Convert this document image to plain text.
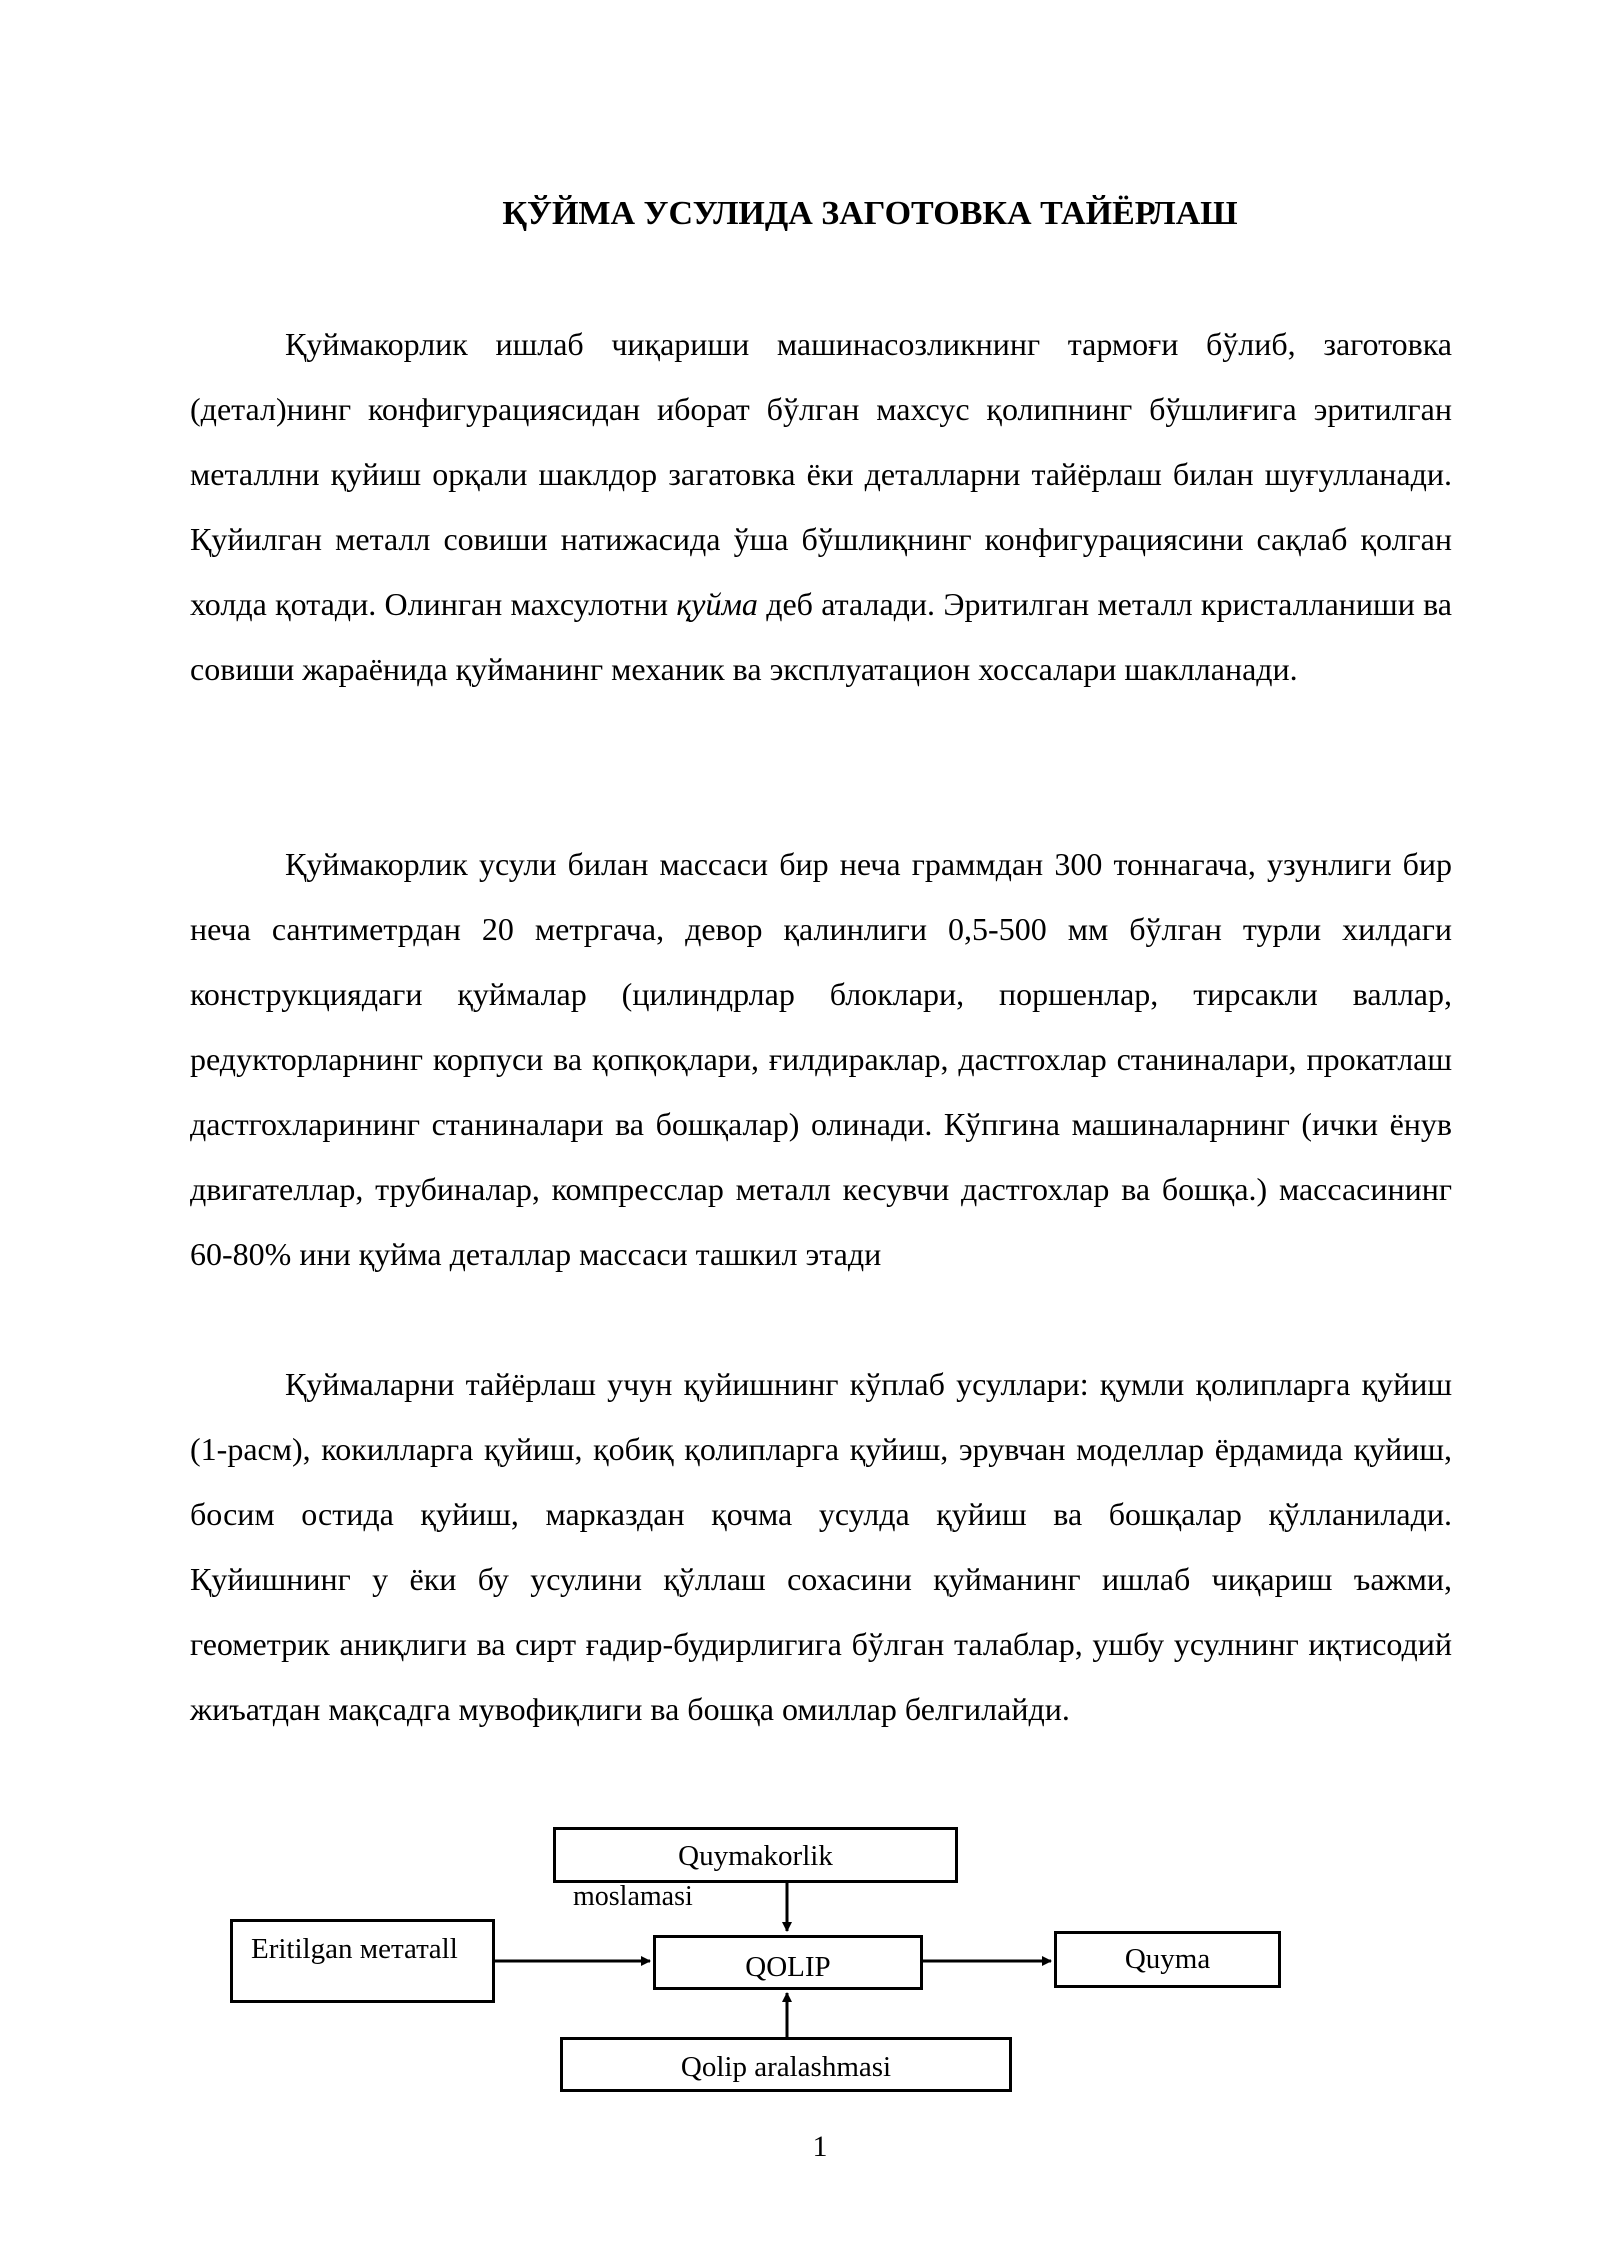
ҚЎЙМА УСУЛИДА ЗАГОТОВКА ТАЙЁРЛАШ

Қуймакорлик ишлаб чиқариши машинасозликнинг тармоғи бўлиб, заготовка (детал)нинг конфигурациясидан иборат бўлган махсус қолипнинг бўшлиғига эритилган металлни қуйиш орқали шаклдор загатовка ёки деталларни тайёрлаш билан шуғулланади. Қуйилган металл совиши натижасида ўша бўшлиқнинг конфигурациясини сақлаб қолган холда қотади. Олинган махсулотни қуйма деб аталади. Эритилган металл кристалланиши ва совиши жараёнида қуйманинг механик ва эксплуатацион хоссалари шаклланади.

Қуймакорлик усули билан массаси бир неча граммдан 300 тоннагача, узунлиги бир неча сантиметрдан 20 метргача, девор қалинлиги 0,5-500 мм бўлган турли хилдаги конструкциядаги қуймалар (цилиндрлар блоклари, поршенлар, тирсакли валлар, редукторларнинг корпуси ва қопқоқлари, ғилдираклар, дастгохлар станиналари, прокатлаш дастгохларининг станиналари ва бошқалар) олинади. Кўпгина машиналарнинг (ички ёнув двигателлар, трубиналар, компресслар металл кесувчи дастгохлар ва бошқа.) массасининг 60-80% ини қуйма деталлар массаси ташкил этади

Қуймаларни тайёрлаш учун қуйишнинг кўплаб усуллари: қумли қолипларга қуйиш (1-расм), кокилларга қуйиш, қобиқ қолипларга қуйиш, эрувчан моделлар ёрдамида қуйиш, босим остида қуйиш, марказдан қочма усулда қуйиш ва бошқалар қўлланилади. Қуйишнинг у ёки бу усулини қўллаш сохасини қуйманинг ишлаб чиқариш ъажми, геометрик аниқлиги ва сирт ғадир-будирлигига бўлган талаблар, ушбу усулнинг иқтисодий жиъатдан мақсадга мувофиқлиги ва бошқа омиллар белгилайди.

Quymakorlik
moslamasi
Eritilgan метатall
QOLIP	Quyma
Qolip aralashmasi
1
